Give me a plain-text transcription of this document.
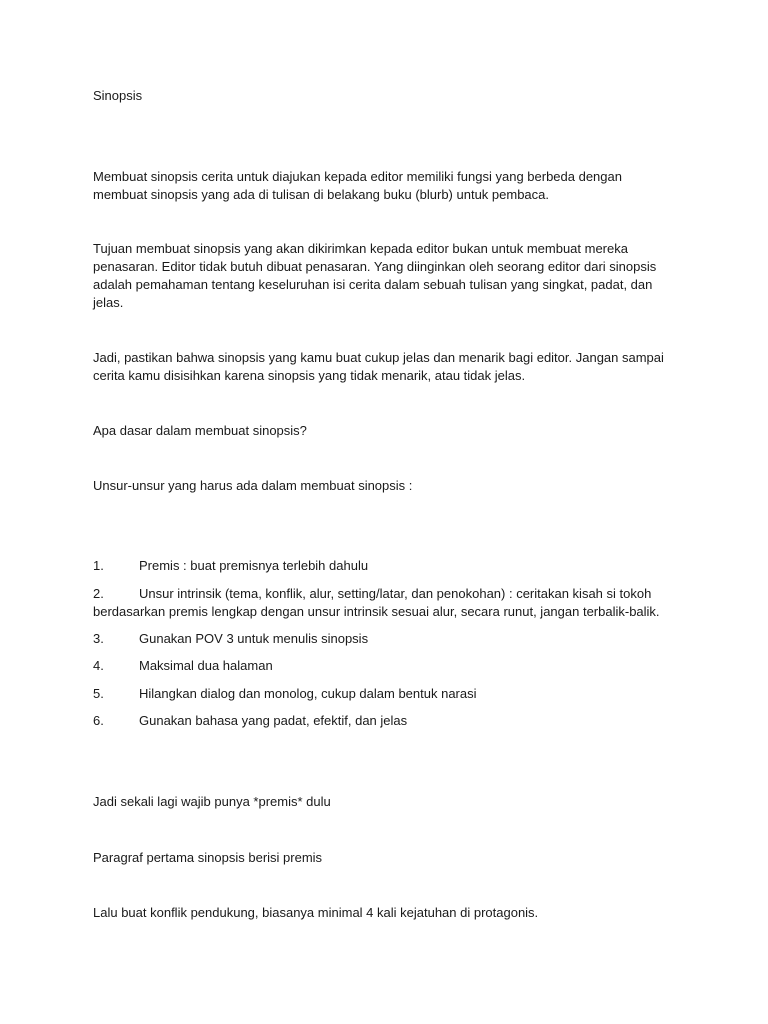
Sinopsis

Membuat sinopsis cerita untuk diajukan kepada editor memiliki fungsi yang berbeda dengan
membuat sinopsis yang ada di tulisan di belakang buku (blurb) untuk pembaca.
Tujuan membuat sinopsis yang akan dikirimkan kepada editor bukan untuk membuat mereka
penasaran. Editor tidak butuh dibuat penasaran. Yang diinginkan oleh seorang editor dari sinopsis
adalah pemahaman tentang keseluruhan isi cerita dalam sebuah tulisan yang singkat, padat, dan
jelas.
Jadi, pastikan bahwa sinopsis yang kamu buat cukup jelas dan menarik bagi editor. Jangan sampai
cerita kamu disisihkan karena sinopsis yang tidak menarik, atau tidak jelas.

Apa dasar dalam membuat sinopsis?

Unsur-unsur yang harus ada dalam membuat sinopsis :

1.	Premis : buat premisnya terlebih dahulu
2.	Unsur intrinsik (tema, konflik, alur, setting/latar, dan penokohan) : ceritakan kisah si tokoh
berdasarkan premis lengkap dengan unsur intrinsik sesuai alur, secara runut, jangan terbalik-balik.
3.	Gunakan POV 3 untuk menulis sinopsis
4.	Maksimal dua halaman
5.	Hilangkan dialog dan monolog, cukup dalam bentuk narasi
6.	Gunakan bahasa yang padat, efektif, dan jelas

Jadi sekali lagi wajib punya *premis* dulu

Paragraf pertama sinopsis berisi premis

Lalu buat konflik pendukung, biasanya minimal 4 kali kejatuhan di protagonis.
